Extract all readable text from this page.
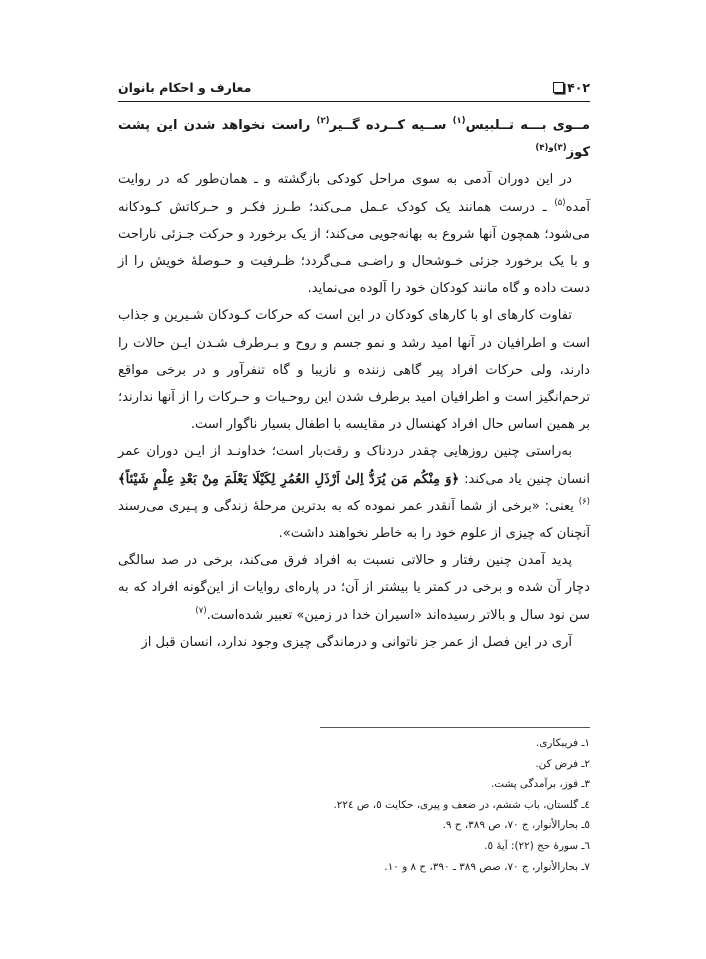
۴۰۲
معارف و احکام بانوان

مــوی بـــه تــلبیس$^{(۱)}$ ســیه کــرده گــیر$^{(۲)}$ راست نخواهد شدن این پشت کوز$^{(۳)و(۴)}$

در این دوران آدمی به سوی مراحل کودکی بازگشته و ـ همان‌طور که در روایت آمده$^{(۵)}$ ـ درست همانند یک کودک عـمل مـی‌کند؛ طـرز فکـر و حـرکاتش کـودکانه می‌شود؛ همچون آنها شروع به بهانه‌جویی می‌کند؛ از یک برخورد و حرکت جـزئی ناراحت و با یک برخورد جزئی خـوشحال و راضـی مـی‌گردد؛ ظـرفیت و حـوصلهٔ خویش را از دست داده و گاه مانند کودکان خود را آلوده می‌نماید.

تفاوت کارهای او با کارهای کودکان در این است که حرکات کـودکان شـیرین و جذاب است و اطرافیان در آنها امید رشد و نمو جسم و روح و بـرطرف شـدن ایـن حالات را دارند، ولی حرکات افراد پیر گاهی زننده و نازیبا و گاه تنفرآور و در برخی مواقع ترحم‌انگیز است و اطرافیان امید برطرف شدن این روحـیات و حـرکات را از آنها ندارند؛ بر همین اساس حال افراد کهنسال در مقایسه با اطفال بسیار ناگوار است.

به‌راستی چنین روزهایی چقدر دردناک و رقت‌بار است؛ خداونـد از ایـن دوران عمر انسان چنین یاد می‌کند: ﴿وَ مِنْكُم مَن يُرَدُّ اِلىٰ اَرْذَلِ العُمُرِ لِكَيْلَا يَعْلَمَ مِنْ بَعْدِ عِلْمٍ شَيْئاً﴾$^{(۶)}$ یعنی: «برخی از شما آنقدر عمر نموده که به بدترین مرحلهٔ زندگی و پـیری می‌رسند آنچنان که چیزی از علوم خود را به خاطر نخواهند داشت».

پدید آمدن چنین رفتار و حالاتی نسبت به افراد فرق می‌کند، برخی در صد سالگی دچار آن شده و برخی در کمتر یا بیشتر از آن؛ در پاره‌ای روایات از این‌گونه افراد که به سن نود سال و بالاتر رسیده‌اند «اسیران خدا در زمین» تعبیر شده‌است.$^{(۷)}$

آری در این فصل از عمر جز ناتوانی و درماندگی چیزی وجود ندارد، انسان قبل از

۱ـ فریبکاری.
۲ـ فرض کن.
۳ـ قوز، برآمدگی پشت.
٤ـ گلستان، باب ششم، در ضعف و پیری، حکایت ٥، ص ٢٢٤.
٥ـ بحارالأنوار، ج ٧٠، ص ٣٨٩، ح ٩.
٦ـ سورهٔ حج (٢٢): آیهٔ ٥.
٧ـ بحارالأنوار، ج ٧٠، صص ٣٨٩ ـ ٣٩٠، ح ٨ و ١٠.
